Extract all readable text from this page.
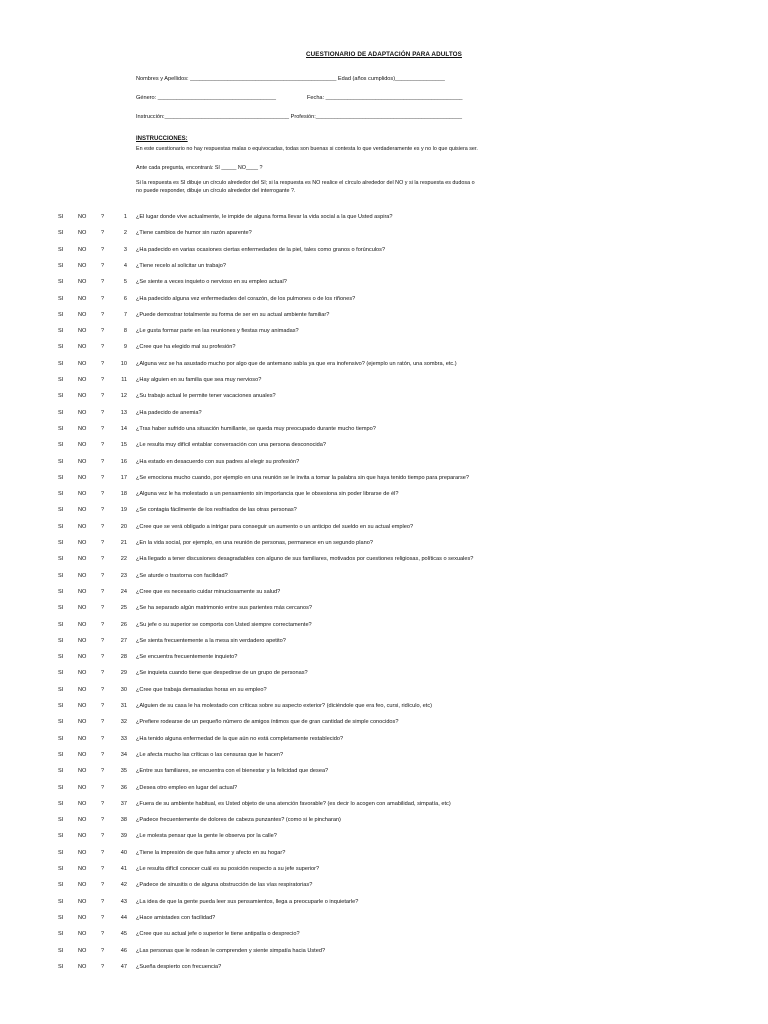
CUESTIONARIO DE ADAPTACIÓN PARA ADULTOS
Nombres y Apellidos: _______________________________________________ Edad (años cumplidos)________________
Género: ______________________________________	Fecha: ____________________________________________
Instrucción:________________________________________ Profesión:_______________________________________________
INSTRUCCIONES:
En este cuestionario no hay respuestas malas o equivocadas, todas son buenas si contesta lo que verdaderamente es y no lo que quisiera ser.
Ante cada pregunta, encontrará: SI _____ NO____ ?
Si la respuesta es SI dibuje un círculo alrededor del SI; si la respuesta es NO realice el círculo alrededor del NO y si la respuesta es dudosa o
no puede responder, dibuje un círculo alrededor del interrogante ?.
SI	NO	?	1 ¿El lugar donde vive actualmente, le impide de alguna forma llevar la vida social a la que Usted aspira?
SI	NO	?	2 ¿Tiene cambios de humor sin razón aparente?
SI	NO	?	3 ¿Ha padecido en varias ocasiones ciertas enfermedades de la piel, tales como granos o forúnculos?
SI	NO	?	4 ¿Tiene recelo al solicitar un trabajo?
SI	NO	?	5 ¿Se siente a veces inquieto o nervioso en su empleo actual?
SI	NO	?	6 ¿Ha padecido alguna vez enfermedades del corazón, de los pulmones o de los riñones?
SI	NO	?	7 ¿Puede demostrar totalmente su forma de ser en su actual ambiente familiar?
SI	NO	?	8 ¿Le gusta formar parte en las reuniones y fiestas muy animadas?
SI	NO	?	9 ¿Cree que ha elegido mal su profesión?
SI	NO	?	10 ¿Alguna vez se ha asustado mucho por algo que de antemano sabía ya que era inofensivo? (ejemplo un ratón, una sombra, etc.)
SI	NO	?	11 ¿Hay alguien en su familia que sea muy nervioso?
SI	NO	?	12 ¿Su trabajo actual le permite tener vacaciones anuales?
SI	NO	?	13 ¿Ha padecido de anemia?
SI	NO	?	14 ¿Tras haber sufrido una situación humillante, se queda muy preocupado durante mucho tiempo?
SI	NO	?	15 ¿Le resulta muy difícil entablar conversación con una persona desconocida?
SI	NO	?	16 ¿Ha estado en desacuerdo con sus padres al elegir su profesión?
SI	NO	?	17 ¿Se emociona mucho cuando, por ejemplo en una reunión se le invita a tomar la palabra sin que haya tenido tiempo para prepararse?
SI	NO	?	18 ¿Alguna vez le ha molestado a un pensamiento sin importancia que le obsesiona sin poder librarse de él?
SI	NO	?	19 ¿Se contagia fácilmente de los resfriados de las otras personas?
SI	NO	?	20 ¿Cree que se verá obligado a intrigar para conseguir un aumento o un anticipo del sueldo en su actual empleo?
SI	NO	?	21 ¿En la vida social, por ejemplo, en una reunión de personas, permanece en un segundo plano?
SI	NO	?	22 ¿Ha llegado a tener discusiones desagradables con alguno de sus familiares, motivados por cuestiones religiosas, políticas o sexuales?
SI	NO	?	23 ¿Se aturde o trastorna con facilidad?
SI	NO	?	24 ¿Cree que es necesario cuidar minuciosamente su salud?
SI	NO	?	25 ¿Se ha separado algún matrimonio entre sus parientes más cercanos?
SI	NO	?	26 ¿Su jefe o su superior se comporta con Usted siempre correctamente?
SI	NO	?	27 ¿Se sienta frecuentemente a la mesa sin verdadero apetito?
SI	NO	?	28 ¿Se encuentra frecuentemente inquieto?
SI	NO	?	29 ¿Se inquieta cuando tiene que despedirse de un grupo de personas?
SI	NO	?	30 ¿Cree que trabaja demasiadas horas en su empleo?
SI	NO	?	31 ¿Alguien de su casa le ha molestado con críticas sobre su aspecto exterior? (diciéndole que era feo, cursi, ridículo, etc)
SI	NO	?	32 ¿Prefiere rodearse de un pequeño número de amigos íntimos que de gran cantidad de simple conocidos?
SI	NO	?	33 ¿Ha tenido alguna enfermedad de la que aún no está completamente restablecido?
SI	NO	?	34 ¿Le afecta mucho las críticas o las censuras que le hacen?
SI	NO	?	35 ¿Entre sus familiares, se encuentra con el bienestar y la felicidad que desea?
SI	NO	?	36 ¿Desea otro empleo en lugar del actual?
SI	NO	?	37 ¿Fuera de su ambiente habitual, es Usted objeto de una atención favorable? (es decir lo acogen con amabilidad, simpatía, etc)
SI	NO	?	38 ¿Padece frecuentemente de dolores de cabeza punzantes? (como si le pincharan)
SI	NO	?	39 ¿Le molesta pensar que la gente le observa por la calle?
SI	NO	?	40 ¿Tiene la impresión de que falta amor y afecto en su hogar?
SI	NO	?	41 ¿Le resulta difícil conocer cuál es su posición respecto a su jefe superior?
SI	NO	?	42 ¿Padece de sinusitis o de alguna obstrucción de las vías respiratorias?
SI	NO	?	43 ¿La idea de que la gente pueda leer sus pensamientos, llega a preocuparle o inquietarle?
SI	NO	?	44 ¿Hace amistades con facilidad?
SI	NO	?	45 ¿Cree que su actual jefe o superior le tiene antipatía o desprecio?
SI	NO	?	46 ¿Las personas que le rodean le comprenden y siente simpatía hacia Usted?
SI	NO	?	47 ¿Sueña despierto con frecuencia?
